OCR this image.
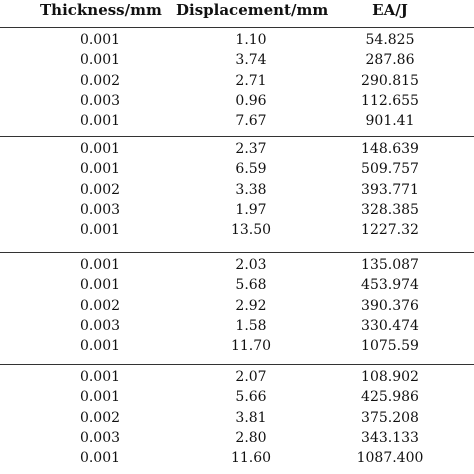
Thickness/mm Displacement/mm	EA/J
0.001	1.10	54.825
0.001	3.74	287.86
0.002	2.71	290.815
0.003	0.96	112.655
0.001	7.67	901.41
0.001	2.37	148.639
0.001	6.59	509.757
0.002	3.38	393.771
0.003	1.97	328.385
0.001	13.50	1227.32
0.001	2.03	135.087
0.001	5.68	453.974
0.002	2.92	390.376
0.003	1.58	330.474
0.001	11.70	1075.59
0.001	2.07	108.902
0.001	5.66	425.986
0.002	3.81	375.208
0.003	2.80	343.133
0.001	11.60	1087.400
